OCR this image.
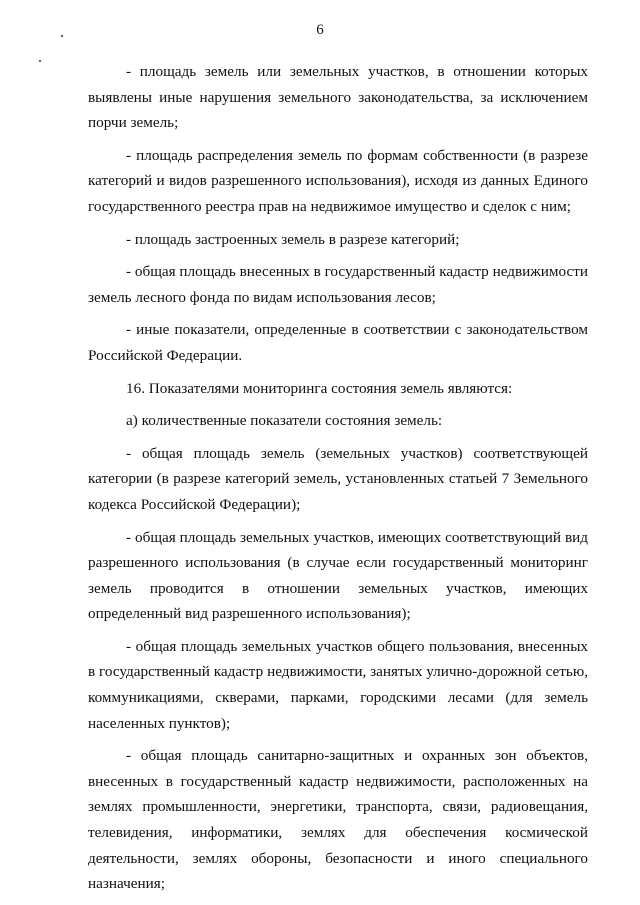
6

- площадь земель или земельных участков, в отношении которых выявлены иные нарушения земельного законодательства, за исключением порчи земель;

- площадь распределения земель по формам собственности (в разрезе категорий и видов разрешенного использования), исходя из данных Единого государственного реестра прав на недвижимое имущество и сделок с ним;

- площадь застроенных земель в разрезе категорий;

- общая площадь внесенных в государственный кадастр недвижимости земель лесного фонда по видам использования лесов;

- иные показатели, определенные в соответствии с законодательством Российской Федерации.

16. Показателями мониторинга состояния земель являются:

а) количественные показатели состояния земель:

- общая площадь земель (земельных участков) соответствующей категории (в разрезе категорий земель, установленных статьей 7 Земельного кодекса Российской Федерации);

- общая площадь земельных участков, имеющих соответствующий вид разрешенного использования (в случае если государственный мониторинг земель проводится в отношении земельных участков, имеющих определенный вид разрешенного использования);

- общая площадь земельных участков общего пользования, внесенных в государственный кадастр недвижимости, занятых улично-дорожной сетью, коммуникациями, скверами, парками, городскими лесами (для земель населенных пунктов);

- общая площадь санитарно-защитных и охранных зон объектов, внесенных в государственный кадастр недвижимости, расположенных на землях промышленности, энергетики, транспорта, связи, радиовещания, телевидения, информатики, землях для обеспечения космической деятельности, землях обороны, безопасности и иного специального назначения;
